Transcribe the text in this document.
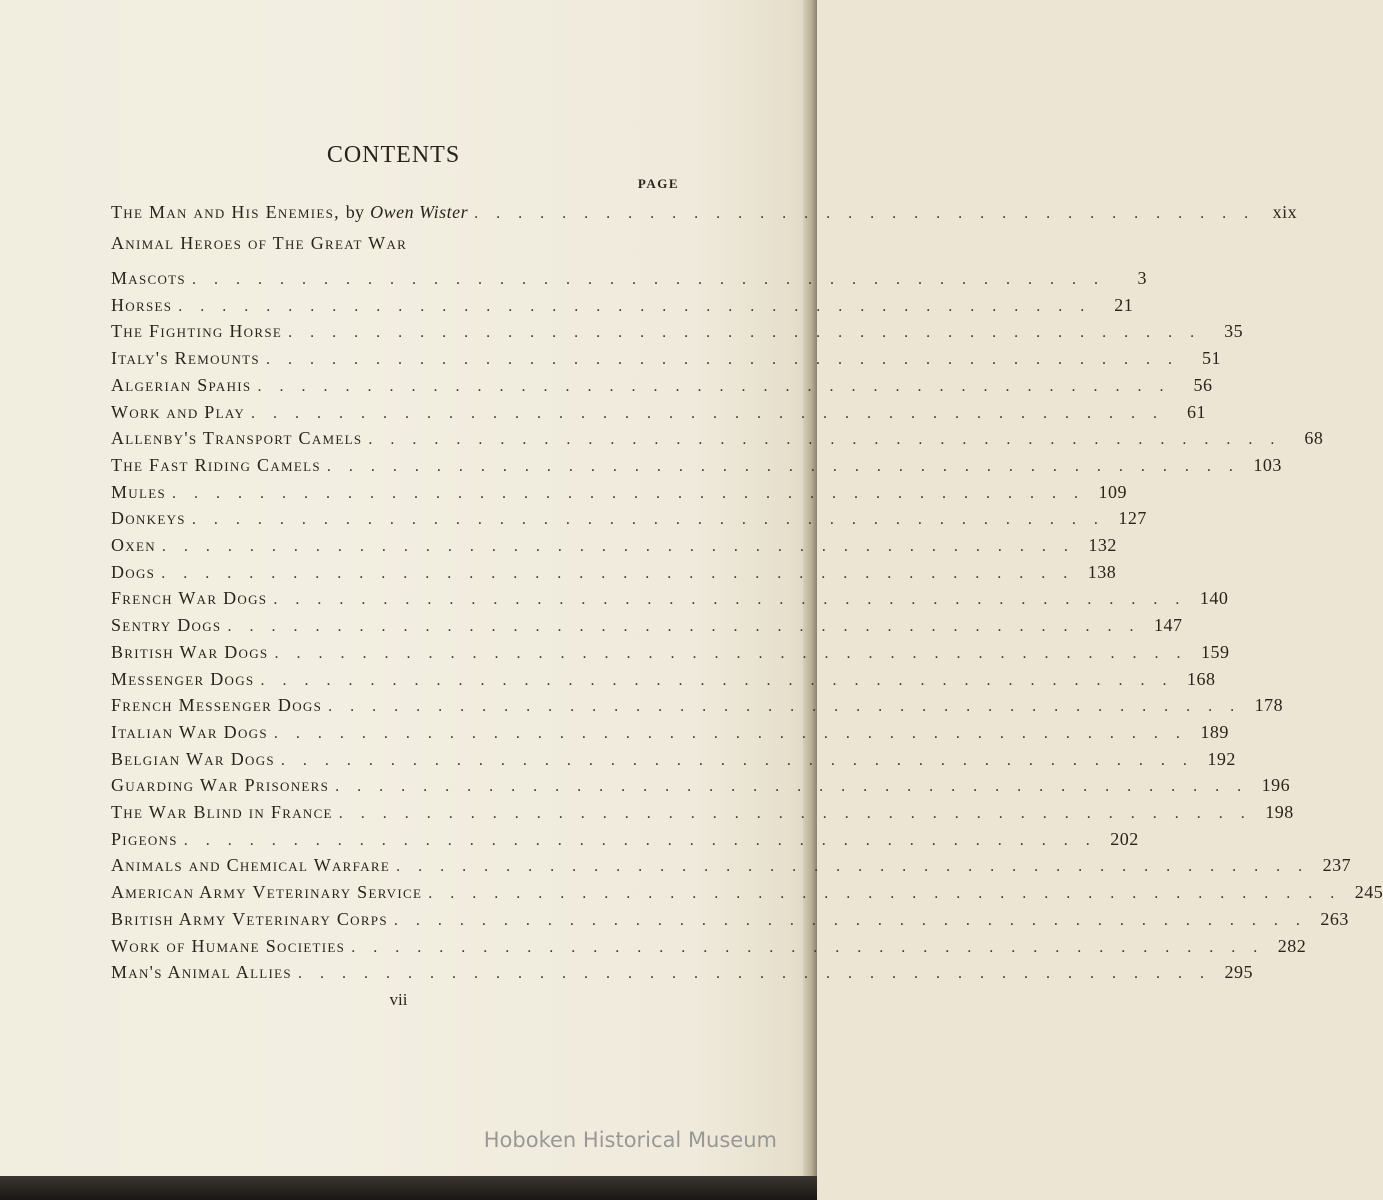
CONTENTS
PAGE
The Man and His Enemies, by Owen Wister . . . . . . . . . . . . . . . . . . . . . . . . . . . . . . . . . . . . xix
Animal Heroes of The Great War
Mascots . . . . . . . . . . . . . . . . . . . . . . . . . . . . . . . . . . . . . . . . . .	3
Horses . . . . . . . . . . . . . . . . . . . . . . . . . . . . . . . . . . . . . . . . . .	21
The Fighting Horse . . . . . . . . . . . . . . . . . . . . . . . . . . . . . . . . . . . . . . . . . .	35
Italy's Remounts . . . . . . . . . . . . . . . . . . . . . . . . . . . . . . . . . . . . . . . . . .	51
Algerian Spahis . . . . . . . . . . . . . . . . . . . . . . . . . . . . . . . . . . . . . . . . . .	56
Work and Play . . . . . . . . . . . . . . . . . . . . . . . . . . . . . . . . . . . . . . . . . .	61
Allenby's Transport Camels . . . . . . . . . . . . . . . . . . . . . . . . . . . . . . . . . . . . . . . . . .	68
The Fast Riding Camels . . . . . . . . . . . . . . . . . . . . . . . . . . . . . . . . . . . . . . . . . . 103
Mules . . . . . . . . . . . . . . . . . . . . . . . . . . . . . . . . . . . . . . . . . . 109
Donkeys . . . . . . . . . . . . . . . . . . . . . . . . . . . . . . . . . . . . . . . . . . 127
Oxen . . . . . . . . . . . . . . . . . . . . . . . . . . . . . . . . . . . . . . . . . . 132
Dogs . . . . . . . . . . . . . . . . . . . . . . . . . . . . . . . . . . . . . . . . . . 138
French War Dogs . . . . . . . . . . . . . . . . . . . . . . . . . . . . . . . . . . . . . . . . . . 140
Sentry Dogs . . . . . . . . . . . . . . . . . . . . . . . . . . . . . . . . . . . . . . . . . . 147
British War Dogs . . . . . . . . . . . . . . . . . . . . . . . . . . . . . . . . . . . . . . . . . . 159
Messenger Dogs . . . . . . . . . . . . . . . . . . . . . . . . . . . . . . . . . . . . . . . . . . 168
French Messenger Dogs . . . . . . . . . . . . . . . . . . . . . . . . . . . . . . . . . . . . . . . . . . 178
Italian War Dogs . . . . . . . . . . . . . . . . . . . . . . . . . . . . . . . . . . . . . . . . . . 189
Belgian War Dogs . . . . . . . . . . . . . . . . . . . . . . . . . . . . . . . . . . . . . . . . . . 192
Guarding War Prisoners . . . . . . . . . . . . . . . . . . . . . . . . . . . . . . . . . . . . . . . . . . 196
The War Blind in France . . . . . . . . . . . . . . . . . . . . . . . . . . . . . . . . . . . . . . . . . . 198
Pigeons . . . . . . . . . . . . . . . . . . . . . . . . . . . . . . . . . . . . . . . . . . 202
Animals and Chemical Warfare . . . . . . . . . . . . . . . . . . . . . . . . . . . . . . . . . . . . . . . . . . 237
American Army Veterinary Service . . . . . . . . . . . . . . . . . . . . . . . . . . . . . . . . . . . . . . . . . . 245
British Army Veterinary Corps . . . . . . . . . . . . . . . . . . . . . . . . . . . . . . . . . . . . . . . . . . 263
Work of Humane Societies . . . . . . . . . . . . . . . . . . . . . . . . . . . . . . . . . . . . . . . . . . 282
Man's Animal Allies . . . . . . . . . . . . . . . . . . . . . . . . . . . . . . . . . . . . . . . . . . 295
vii
Hoboken Historical Museum
